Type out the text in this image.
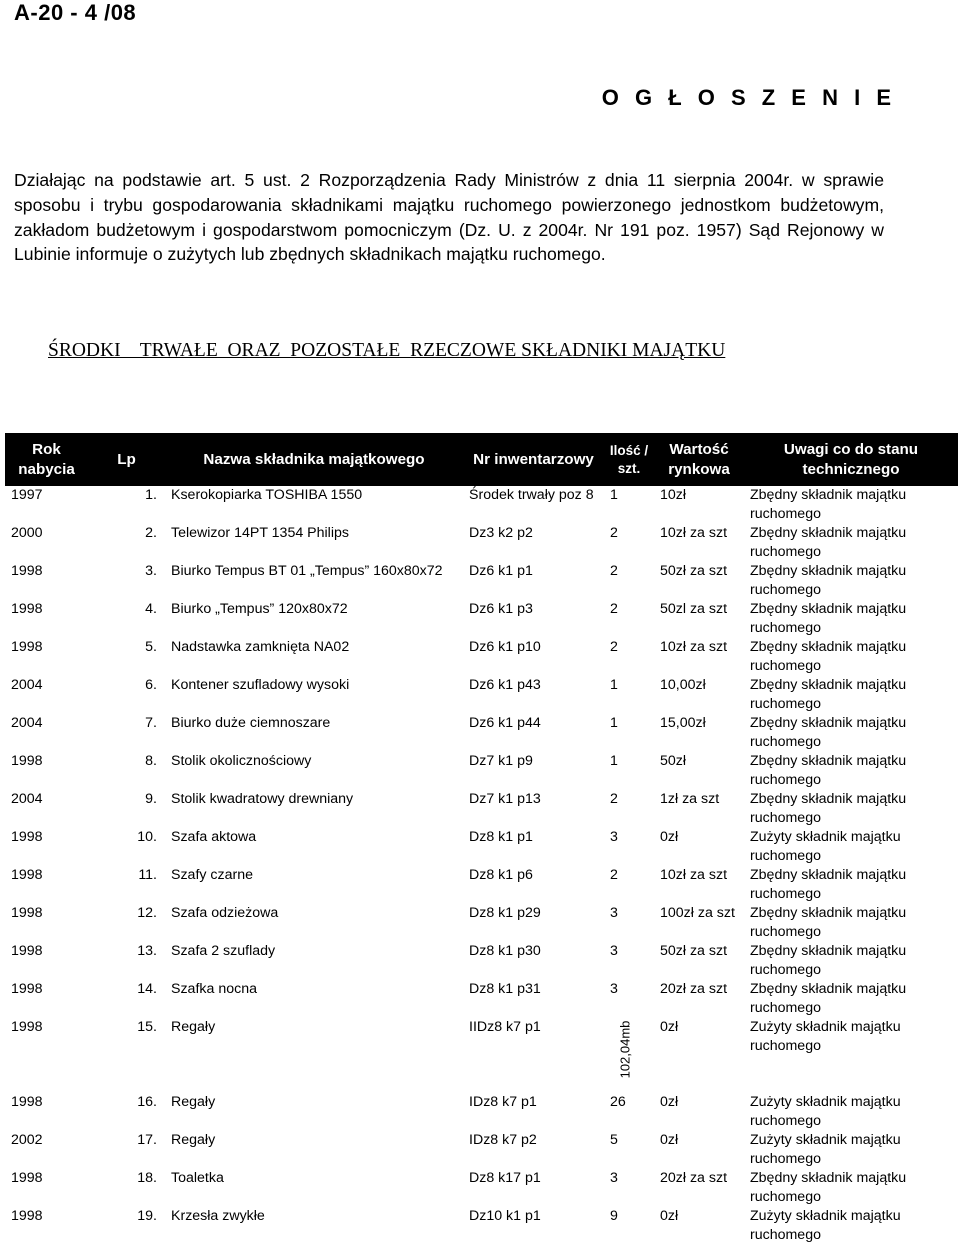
A-20 - 4 /08
O G Ł O S Z E N I E
Działając na podstawie art. 5 ust. 2 Rozporządzenia Rady Ministrów z dnia 11 sierpnia 2004r. w sprawie sposobu i trybu gospodarowania składnikami majątku ruchomego powierzonego jednostkom budżetowym, zakładom budżetowym i gospodarstwom pomocniczym (Dz. U. z 2004r. Nr 191 poz. 1957) Sąd Rejonowy w Lubinie informuje o zużytych lub zbędnych składnikach majątku ruchomego.
ŚRODKI    TRWAŁE  ORAZ  POZOSTAŁE  RZECZOWE SKŁADNIKI MAJĄTKU
Rok nabycia	Lp	Nazwa składnika majątkowego	Nr inwentarzowy	Ilość / szt.	Wartość rynkowa	Uwagi co do stanu technicznego
1997	1.	Kserokopiarka TOSHIBA 1550	Środek trwały poz 8	1	10zł	Zbędny składnik majątku ruchomego
2000	2.	Telewizor 14PT 1354 Philips	Dz3 k2 p2	2	10zł za szt	Zbędny składnik majątku ruchomego
1998	3.	Biurko Tempus BT 01 „Tempus” 160x80x72	Dz6 k1 p1	2	50zł za szt	Zbędny składnik majątku ruchomego
1998	4.	Biurko „Tempus” 120x80x72	Dz6 k1 p3	2	50zl za szt	Zbędny składnik majątku ruchomego
1998	5.	Nadstawka zamknięta NA02	Dz6 k1 p10	2	10zł za szt	Zbędny składnik majątku ruchomego
2004	6.	Kontener szufladowy wysoki	Dz6 k1 p43	1	10,00zł	Zbędny składnik majątku ruchomego
2004	7.	Biurko duże ciemnoszare	Dz6 k1 p44	1	15,00zł	Zbędny składnik majątku ruchomego
1998	8.	Stolik okolicznościowy	Dz7 k1 p9	1	50zł	Zbędny składnik majątku ruchomego
2004	9.	Stolik kwadratowy drewniany	Dz7 k1 p13	2	1zł za szt	Zbędny składnik majątku ruchomego
1998	10.	Szafa aktowa	Dz8 k1 p1	3	0zł	Zużyty składnik majątku ruchomego
1998	11.	Szafy czarne	Dz8 k1 p6	2	10zł za szt	Zbędny składnik majątku ruchomego
1998	12.	Szafa odzieżowa	Dz8 k1 p29	3	100zł za szt	Zbędny składnik majątku ruchomego
1998	13.	Szafa 2 szuflady	Dz8 k1 p30	3	50zł za szt	Zbędny składnik majątku ruchomego
1998	14.	Szafka nocna	Dz8 k1 p31	3	20zł za szt	Zbędny składnik majątku ruchomego
1998	15.	Regały	IIDz8 k7 p1	102,04mb	0zł	Zużyty składnik majątku ruchomego
1998	16.	Regały	IDz8 k7 p1	26	0zł	Zużyty składnik majątku ruchomego
2002	17.	Regały	IDz8 k7 p2	5	0zł	Zużyty składnik majątku ruchomego
1998	18.	Toaletka	Dz8 k17 p1	3	20zł za szt	Zbędny składnik majątku ruchomego
1998	19.	Krzesła zwykłe	Dz10 k1 p1	9	0zł	Zużyty składnik majątku ruchomego
